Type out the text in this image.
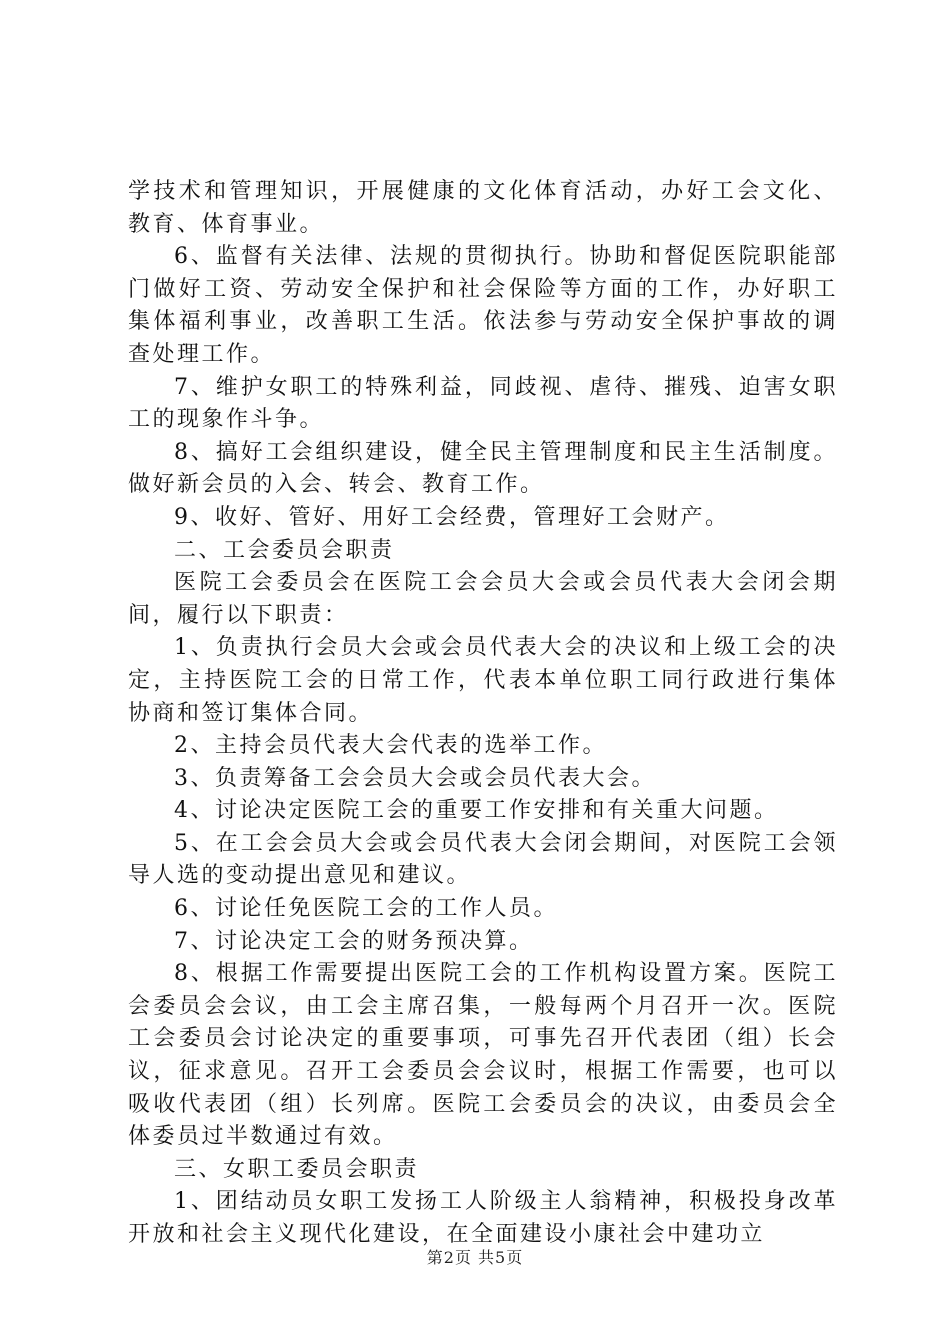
学技术和管理知识，开展健康的文化体育活动，办好工会文化、教育、体育事业。

6、监督有关法律、法规的贯彻执行。协助和督促医院职能部门做好工资、劳动安全保护和社会保险等方面的工作，办好职工集体福利事业，改善职工生活。依法参与劳动安全保护事故的调查处理工作。

7、维护女职工的特殊利益，同歧视、虐待、摧残、迫害女职工的现象作斗争。

8、搞好工会组织建设，健全民主管理制度和民主生活制度。做好新会员的入会、转会、教育工作。

9、收好、管好、用好工会经费，管理好工会财产。

二、工会委员会职责

医院工会委员会在医院工会会员大会或会员代表大会闭会期间，履行以下职责：

1、负责执行会员大会或会员代表大会的决议和上级工会的决定，主持医院工会的日常工作，代表本单位职工同行政进行集体协商和签订集体合同。

2、主持会员代表大会代表的选举工作。

3、负责筹备工会会员大会或会员代表大会。

4、讨论决定医院工会的重要工作安排和有关重大问题。

5、在工会会员大会或会员代表大会闭会期间，对医院工会领导人选的变动提出意见和建议。

6、讨论任免医院工会的工作人员。

7、讨论决定工会的财务预决算。

8、根据工作需要提出医院工会的工作机构设置方案。医院工会委员会会议，由工会主席召集，一般每两个月召开一次。医院工会委员会讨论决定的重要事项，可事先召开代表团（组）长会议，征求意见。召开工会委员会会议时，根据工作需要，也可以吸收代表团（组）长列席。医院工会委员会的决议，由委员会全体委员过半数通过有效。

三、女职工委员会职责

1、团结动员女职工发扬工人阶级主人翁精神，积极投身改革开放和社会主义现代化建设，在全面建设小康社会中建功立

第2页 共5页
